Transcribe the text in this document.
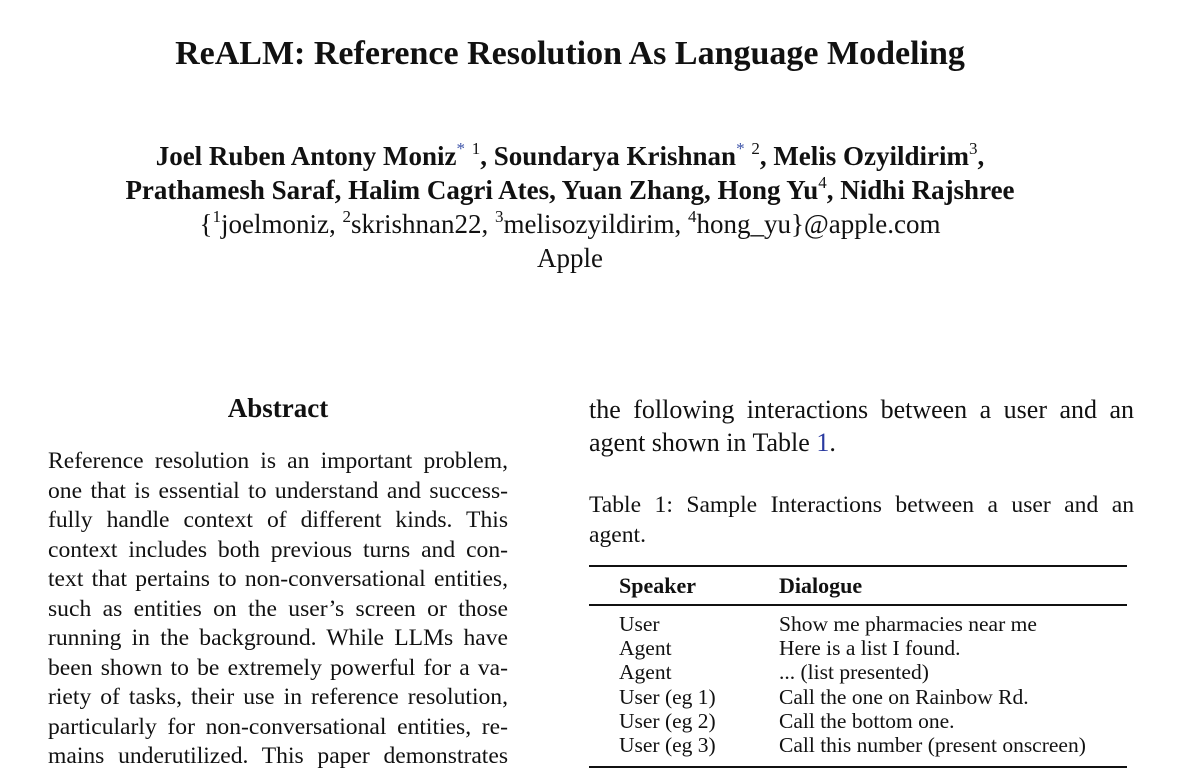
ReALM: Reference Resolution As Language Modeling
Joel Ruben Antony Moniz* $^1$, Soundarya Krishnan* $^2$, Melis Ozyildirim$^3$,
Prathamesh Saraf, Halim Cagri Ates, Yuan Zhang, Hong Yu$^4$, Nidhi Rajshree
{$^1$joelmoniz, $^2$skrishnan22, $^3$melisozyildirim, $^4$hong_yu}@apple.com
Apple
Abstract
Reference resolution is an important problem,
one that is essential to understand and success-
fully handle context of different kinds. This
context includes both previous turns and con-
text that pertains to non-conversational entities,
such as entities on the user’s screen or those
running in the background. While LLMs have
been shown to be extremely powerful for a va-
riety of tasks, their use in reference resolution,
particularly for non-conversational entities, re-
mains underutilized. This paper demonstrates
the following interactions between a user and an
agent shown in Table 1.
Table 1: Sample Interactions between a user and an
agent.
Speaker	Dialogue
User
Agent
Agent
User (eg 1)
User (eg 2)
User (eg 3)
Show me pharmacies near me
Here is a list I found.
... (list presented)
Call the one on Rainbow Rd.
Call the bottom one.
Call this number (present onscreen)
